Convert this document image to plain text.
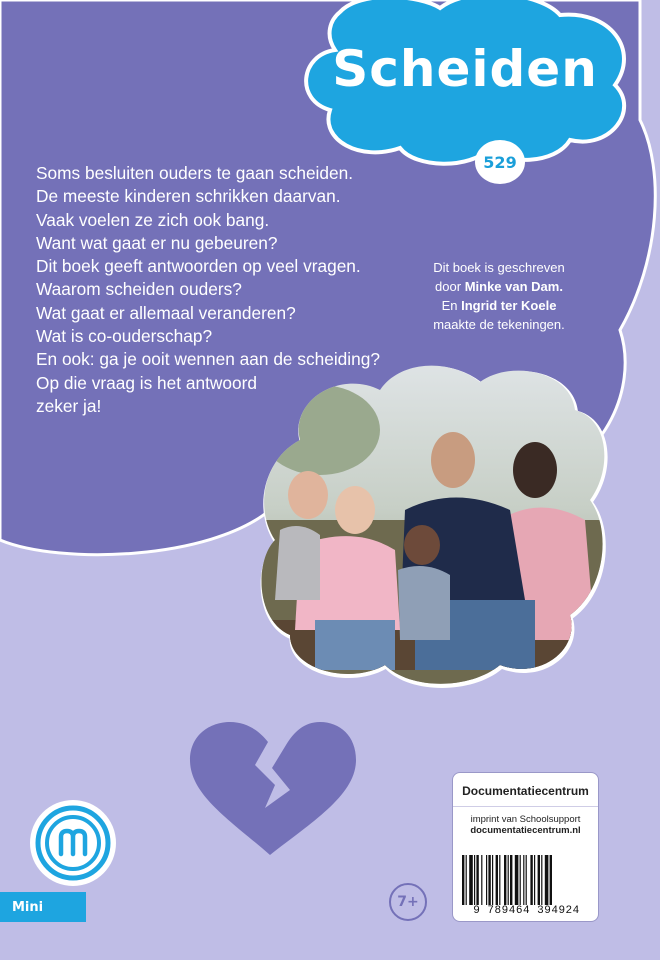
Scheiden
529
Soms besluiten ouders te gaan scheiden.
De meeste kinderen schrikken daarvan.
Vaak voelen ze zich ook bang.
Want wat gaat er nu gebeuren?
Dit boek geeft antwoorden op veel vragen.
Waarom scheiden ouders?
Wat gaat er allemaal veranderen?
Wat is co-ouderschap?
En ook: ga je ooit wennen aan de scheiding?
Op die vraag is het antwoord
zeker ja!
Dit boek is geschreven
door Minke van Dam.
En Ingrid ter Koele
maakte de tekeningen.
Mini	7+
Documentatiecentrum
imprint van Schoolsupport
documentatiecentrum.nl
9 789464 394924
